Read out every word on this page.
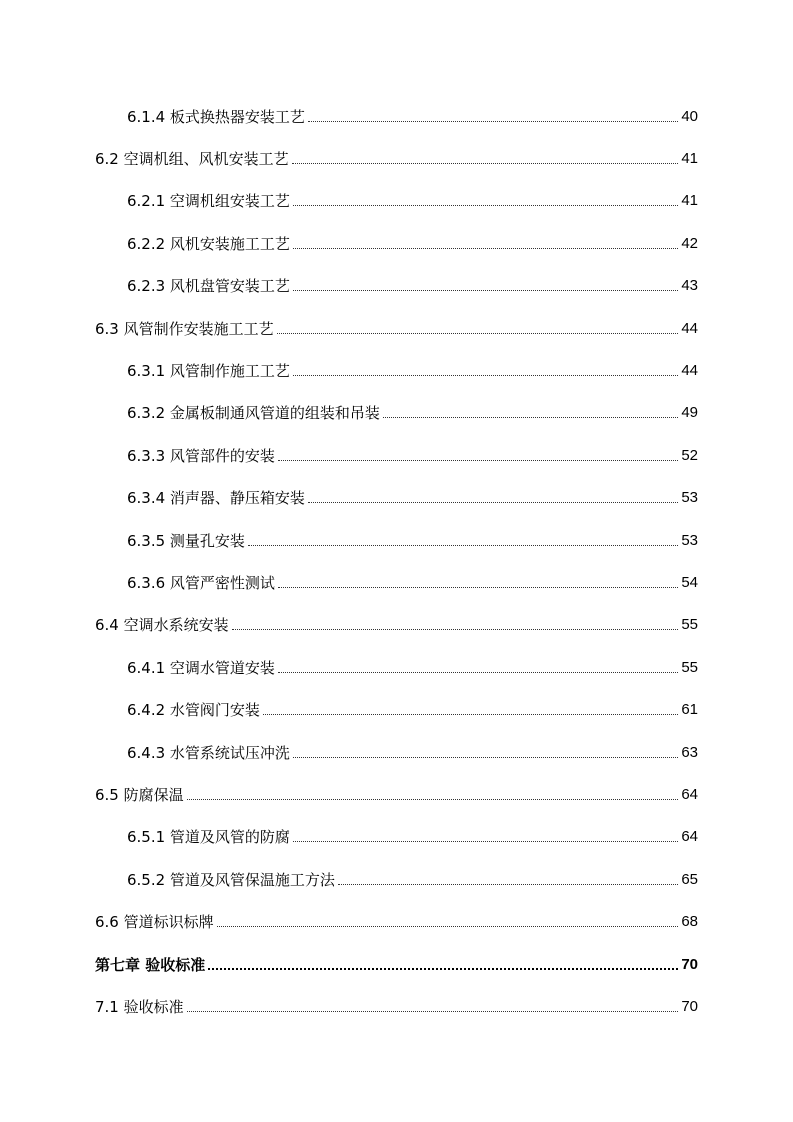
6.1.4 板式换热器安装工艺	40
6.2 空调机组、风机安装工艺	41
6.2.1 空调机组安装工艺	41
6.2.2 风机安装施工工艺	42
6.2.3 风机盘管安装工艺	43
6.3 风管制作安装施工工艺	44
6.3.1 风管制作施工工艺	44
6.3.2 金属板制通风管道的组装和吊装	49
6.3.3 风管部件的安装	52
6.3.4 消声器、静压箱安装	53
6.3.5 测量孔安装	53
6.3.6 风管严密性测试	54
6.4 空调水系统安装	55
6.4.1 空调水管道安装	55
6.4.2 水管阀门安装	61
6.4.3 水管系统试压冲洗	63
6.5 防腐保温	64
6.5.1 管道及风管的防腐	64
6.5.2 管道及风管保温施工方法	65
6.6 管道标识标牌	68
第七章 验收标准	70
7.1 验收标准	70
